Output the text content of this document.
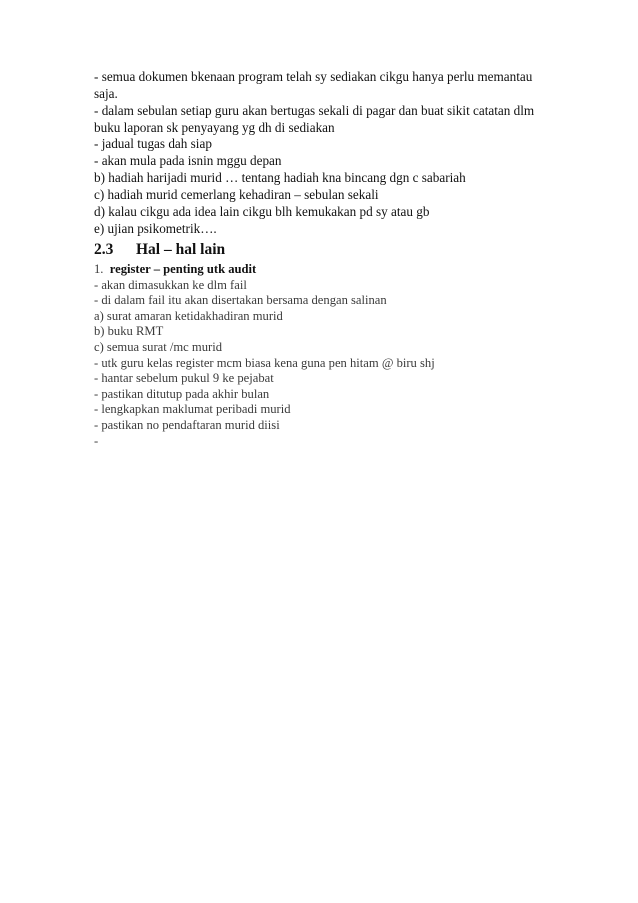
- semua dokumen bkenaan program telah sy sediakan cikgu hanya perlu memantau

saja.

- dalam sebulan setiap guru akan bertugas sekali di pagar dan buat sikit catatan dlm

buku laporan sk penyayang yg dh di sediakan

- jadual tugas dah siap

- akan mula pada isnin mggu depan

b) hadiah harijadi murid … tentang hadiah kna bincang dgn c sabariah

c) hadiah murid cemerlang kehadiran – sebulan sekali

d) kalau cikgu ada idea lain cikgu blh kemukakan pd sy atau gb

e) ujian psikometrik….

2.3 Hal – hal lain

1. register – penting utk audit

- akan dimasukkan ke dlm fail

- di dalam fail itu akan disertakan bersama dengan salinan

a) surat amaran ketidakhadiran murid

b) buku RMT

c) semua surat /mc murid

- utk guru kelas register mcm biasa kena guna pen hitam @ biru shj

- hantar sebelum pukul 9 ke pejabat

- pastikan ditutup pada akhir bulan

- lengkapkan maklumat peribadi murid

- pastikan no pendaftaran murid diisi

-
